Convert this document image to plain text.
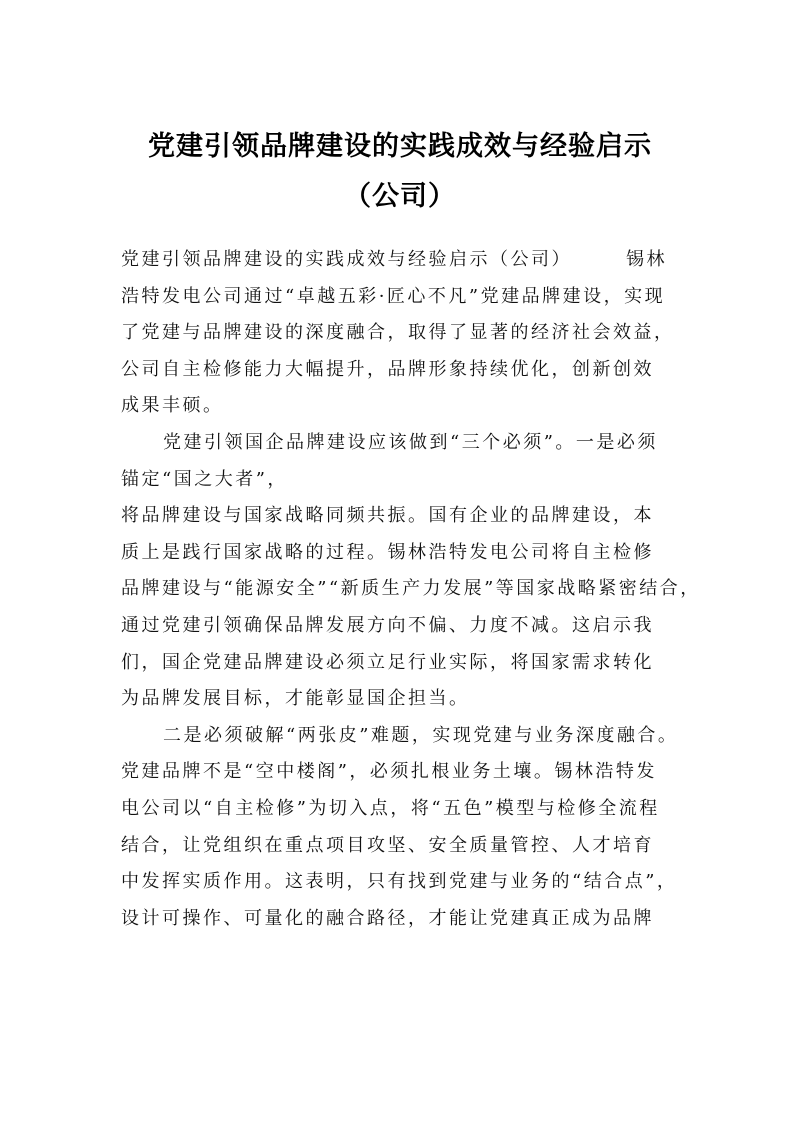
党建引领品牌建设的实践成效与经验启示
（公司）
党建引领品牌建设的实践成效与经验启示（公司）	锡林
浩特发电公司通过“卓越五彩·匠心不凡”党建品牌建设，实现
了党建与品牌建设的深度融合，取得了显著的经济社会效益，
公司自主检修能力大幅提升，品牌形象持续优化，创新创效
成果丰硕。
党建引领国企品牌建设应该做到“三个必须”。一是必须
锚定“国之大者”，
将品牌建设与国家战略同频共振。国有企业的品牌建设，本
质上是践行国家战略的过程。锡林浩特发电公司将自主检修
品牌建设与“能源安全”“新质生产力发展”等国家战略紧密结合，
通过党建引领确保品牌发展方向不偏、力度不减。这启示我
们，国企党建品牌建设必须立足行业实际，将国家需求转化
为品牌发展目标，才能彰显国企担当。
二是必须破解“两张皮”难题，实现党建与业务深度融合。
党建品牌不是“空中楼阁”，必须扎根业务土壤。锡林浩特发
电公司以“自主检修”为切入点，将“五色”模型与检修全流程
结合，让党组织在重点项目攻坚、安全质量管控、人才培育
中发挥实质作用。这表明，只有找到党建与业务的“结合点”，
设计可操作、可量化的融合路径，才能让党建真正成为品牌
